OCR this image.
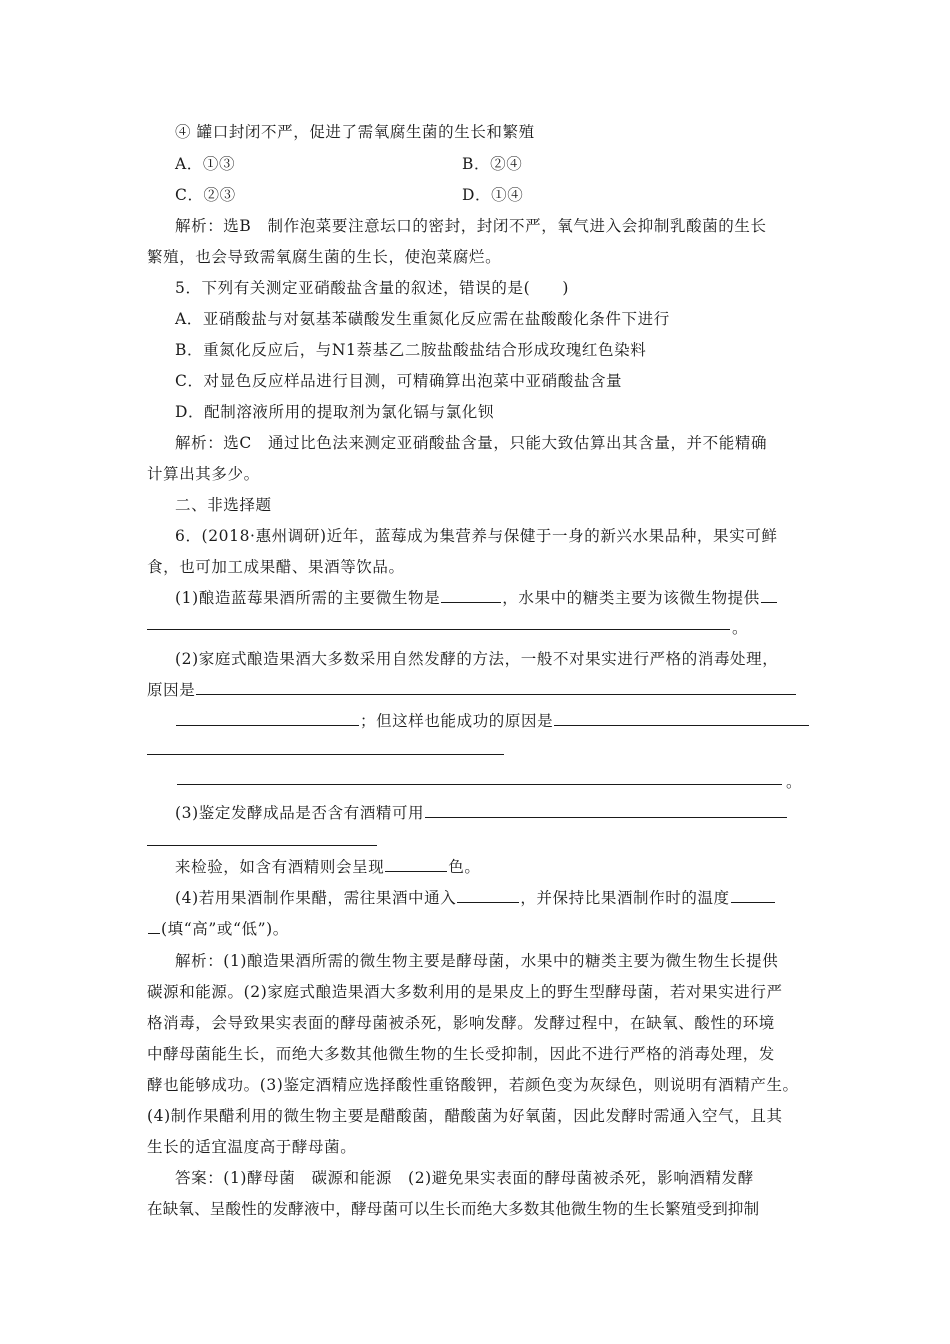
④ 罐口封闭不严，促进了需氧腐生菌的生长和繁殖
A．①③	B．②④
C．②③	D．①④
解析：选B　制作泡菜要注意坛口的密封，封闭不严，氧气进入会抑制乳酸菌的生长
繁殖，也会导致需氧腐生菌的生长，使泡菜腐烂。
5．下列有关测定亚硝酸盐含量的叙述，错误的是(　　)
A．亚硝酸盐与对氨基苯磺酸发生重氮化反应需在盐酸酸化条件下进行
B．重氮化反应后，与N1萘基乙二胺盐酸盐结合形成玫瑰红色染料
C．对显色反应样品进行目测，可精确算出泡菜中亚硝酸盐含量
D．配制溶液所用的提取剂为氯化镉与氯化钡
解析：选C　通过比色法来测定亚硝酸盐含量，只能大致估算出其含量，并不能精确
计算出其多少。
二、非选择题
6．(2018·惠州调研)近年，蓝莓成为集营养与保健于一身的新兴水果品种，果实可鲜
食，也可加工成果醋、果酒等饮品。
(1)酿造蓝莓果酒所需的主要微生物是	，水果中的糖类主要为该微生物提供
。
(2)家庭式酿造果酒大多数采用自然发酵的方法，一般不对果实进行严格的消毒处理，
原因是
；但这样也能成功的原因是
。
(3)鉴定发酵成品是否含有酒精可用
来检验，如含有酒精则会呈现	色。
(4)若用果酒制作果醋，需往果酒中通入	，并保持比果酒制作时的温度
(填“高”或“低”)。
解析：(1)酿造果酒所需的微生物主要是酵母菌，水果中的糖类主要为微生物生长提供
碳源和能源。(2)家庭式酿造果酒大多数利用的是果皮上的野生型酵母菌，若对果实进行严
格消毒，会导致果实表面的酵母菌被杀死，影响发酵。发酵过程中，在缺氧、酸性的环境
中酵母菌能生长，而绝大多数其他微生物的生长受抑制，因此不进行严格的消毒处理，发
酵也能够成功。(3)鉴定酒精应选择酸性重铬酸钾，若颜色变为灰绿色，则说明有酒精产生。
(4)制作果醋利用的微生物主要是醋酸菌，醋酸菌为好氧菌，因此发酵时需通入空气，且其
生长的适宜温度高于酵母菌。
答案：(1)酵母菌　碳源和能源　(2)避免果实表面的酵母菌被杀死，影响酒精发酵
在缺氧、呈酸性的发酵液中，酵母菌可以生长而绝大多数其他微生物的生长繁殖受到抑制
